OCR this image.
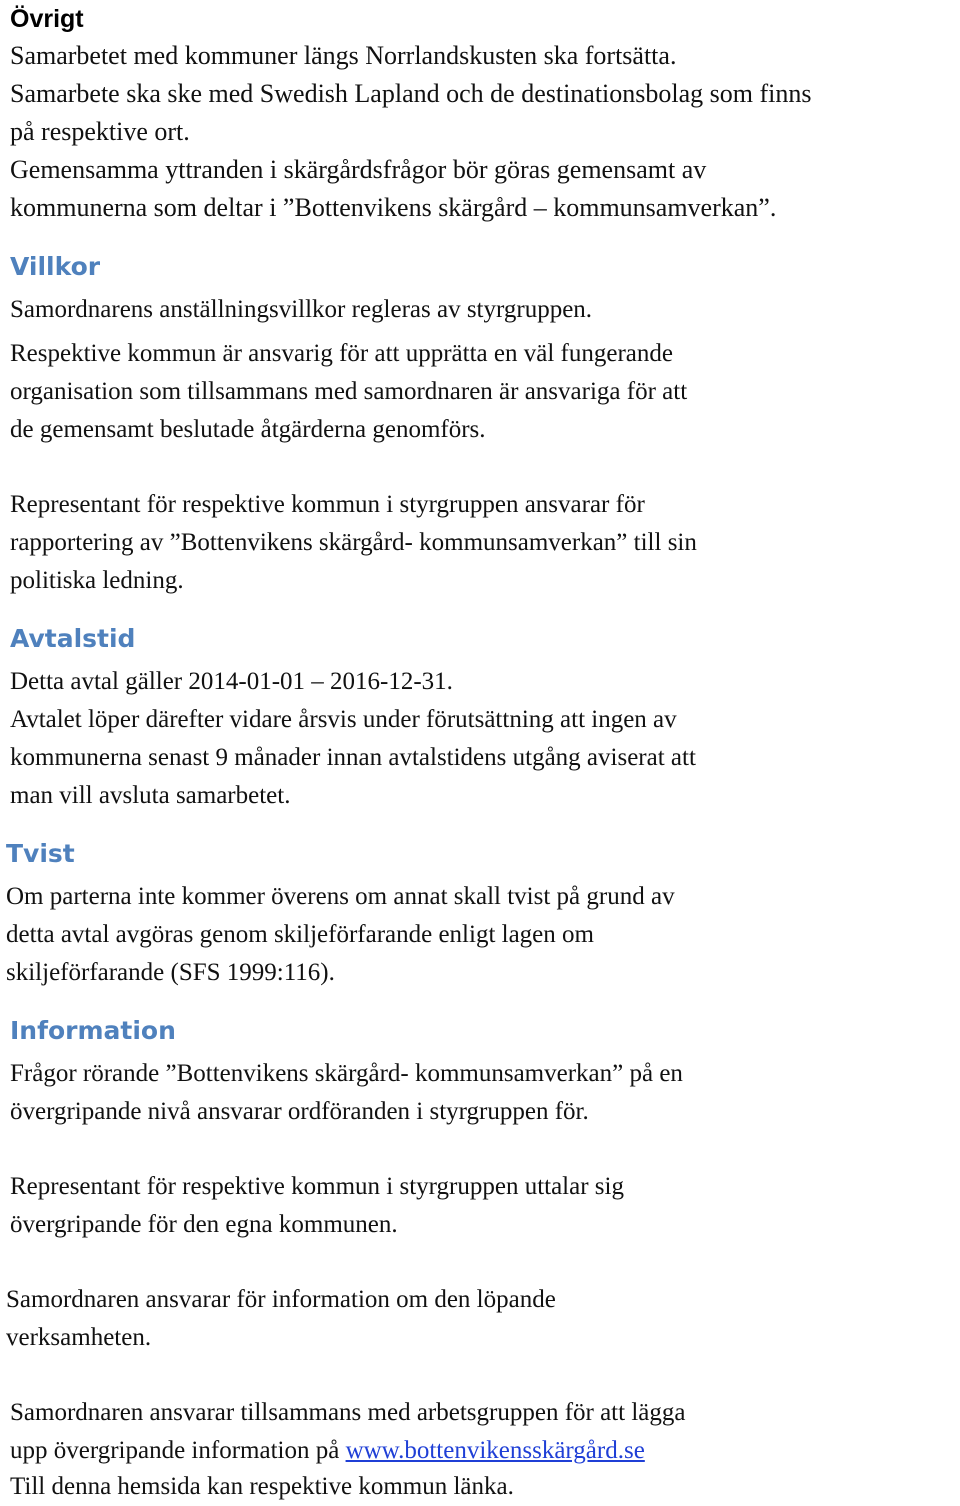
Övrigt
Samarbetet med kommuner längs Norrlandskusten ska fortsätta.
Samarbete ska ske med Swedish Lapland och de destinationsbolag som finns
på respektive ort.
Gemensamma yttranden i skärgårdsfrågor bör göras gemensamt av
kommunerna som deltar i ”Bottenvikens skärgård – kommunsamverkan”.
Villkor
Samordnarens anställningsvillkor regleras av styrgruppen.
Respektive kommun är ansvarig för att upprätta en väl fungerande
organisation som tillsammans med samordnaren är ansvariga för att
de gemensamt beslutade åtgärderna genomförs.
Representant för respektive kommun i styrgruppen ansvarar för
rapportering av ”Bottenvikens skärgård- kommunsamverkan” till sin
politiska ledning.
Avtalstid
Detta avtal gäller 2014-01-01 – 2016-12-31.
Avtalet löper därefter vidare årsvis under förutsättning att ingen av
kommunerna senast 9 månader innan avtalstidens utgång aviserat att
man vill avsluta samarbetet.
Tvist
Om parterna inte kommer överens om annat skall tvist på grund av
detta avtal avgöras genom skiljeförfarande enligt lagen om
skiljeförfarande (SFS 1999:116).
Information
Frågor rörande ”Bottenvikens skärgård- kommunsamverkan” på en
övergripande nivå ansvarar ordföranden i styrgruppen för.
Representant för respektive kommun i styrgruppen uttalar sig
övergripande för den egna kommunen.
Samordnaren ansvarar för information om den löpande
verksamheten.
Samordnaren ansvarar tillsammans med arbetsgruppen för att lägga
upp övergripande information på www.bottenvikensskärgård.se
Till denna hemsida kan respektive kommun länka.
